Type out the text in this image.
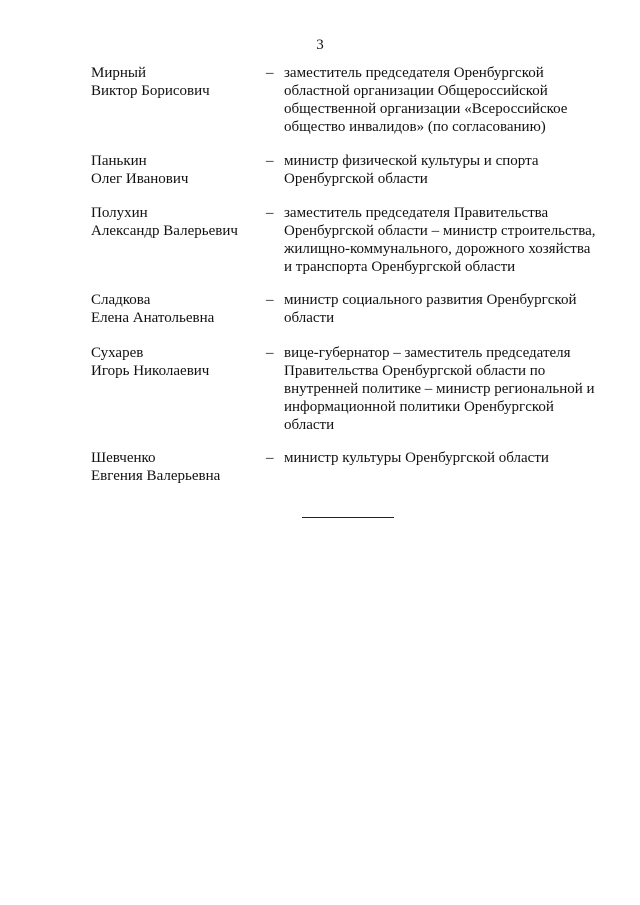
3
Мирный
Виктор Борисович
– заместитель председателя Оренбургской
областной организации Общероссийской
общественной организации «Всероссийское
общество инвалидов» (по согласованию)
Панькин
Олег Иванович
– министр физической культуры и спорта
Оренбургской области
Полухин
Александр Валерьевич
– заместитель председателя Правительства
Оренбургской области – министр строительства,
жилищно-коммунального, дорожного хозяйства
и транспорта Оренбургской области
Сладкова
Елена Анатольевна
– министр социального развития Оренбургской
области
Сухарев
Игорь Николаевич
– вице-губернатор – заместитель председателя
Правительства Оренбургской области по
внутренней политике – министр региональной и
информационной политики Оренбургской
области
Шевченко
Евгения Валерьевна
– министр культуры Оренбургской области
